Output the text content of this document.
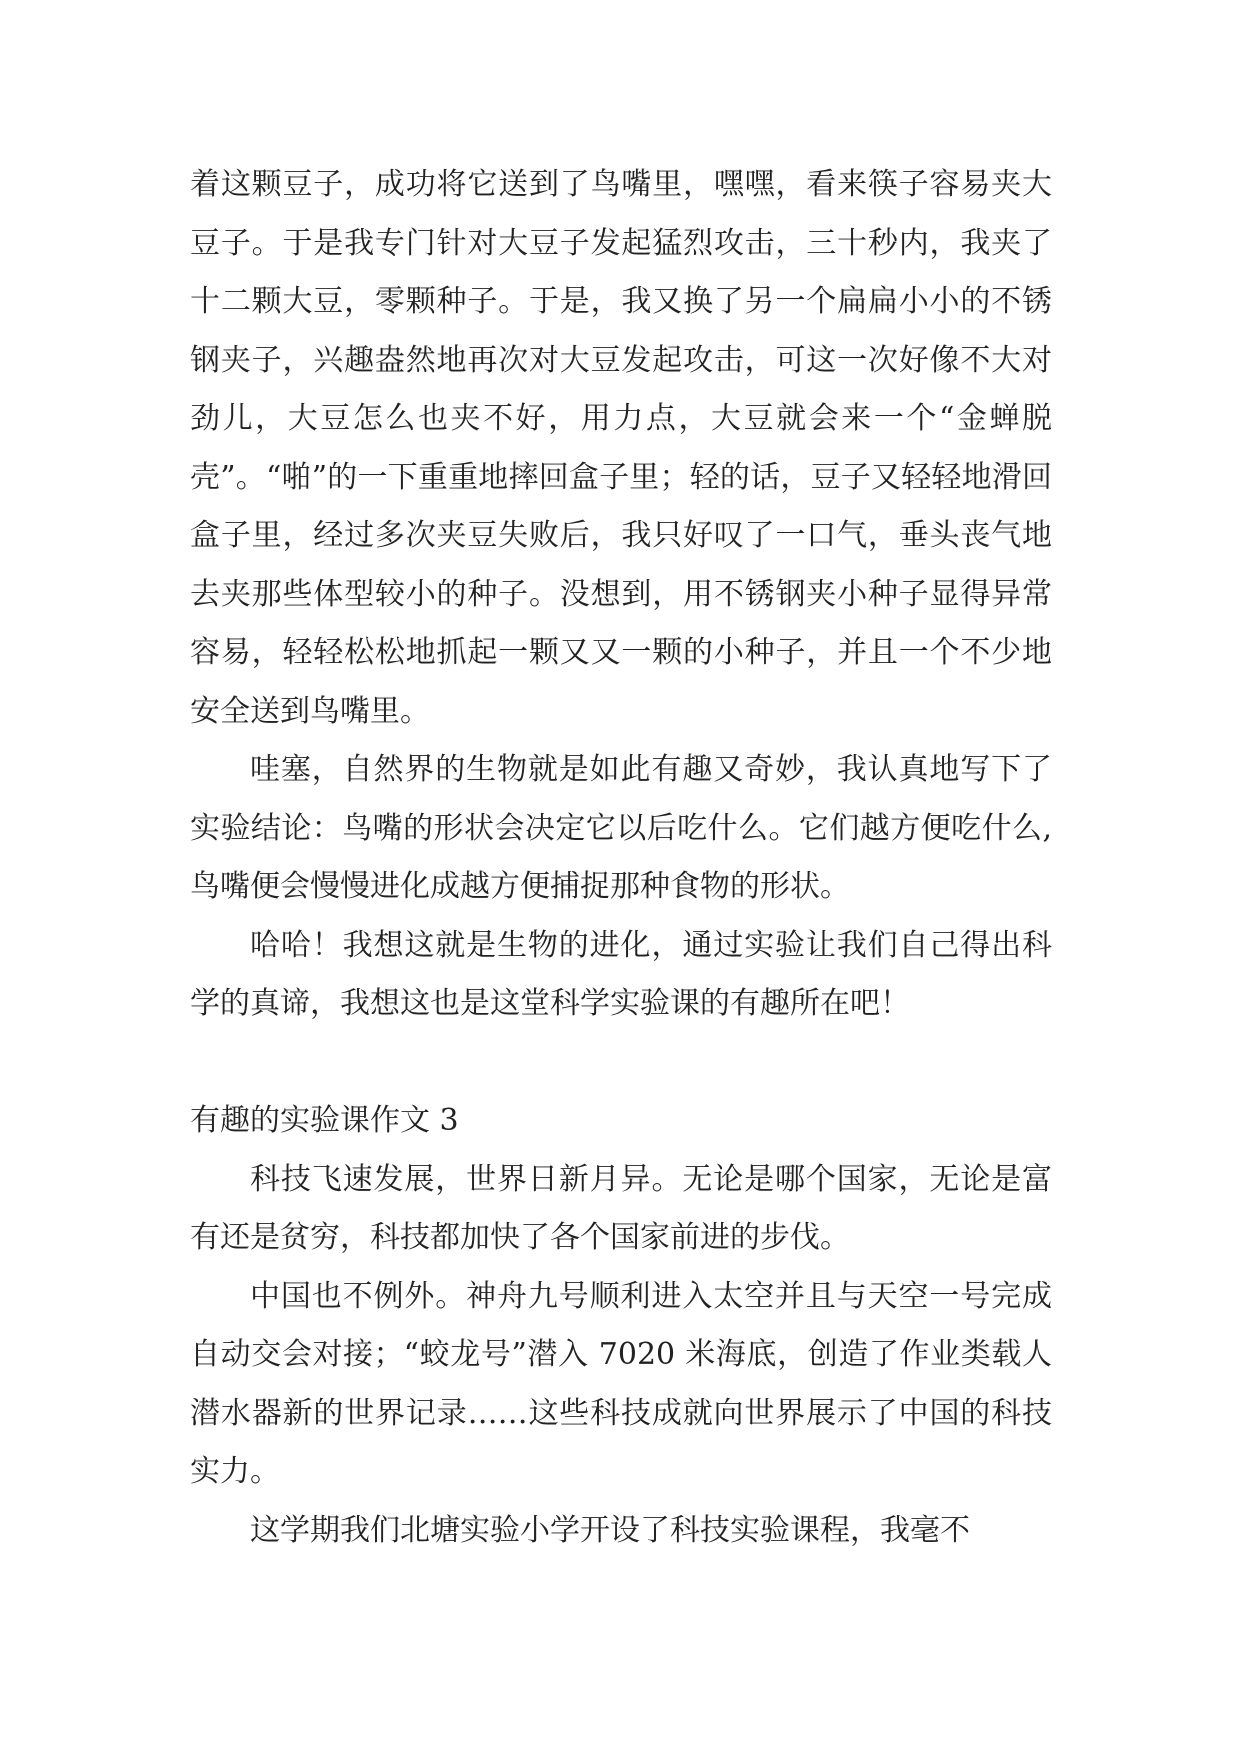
着这颗豆子，成功将它送到了鸟嘴里，嘿嘿，看来筷子容易夹大豆子。于是我专门针对大豆子发起猛烈攻击，三十秒内，我夹了十二颗大豆，零颗种子。于是，我又换了另一个扁扁小小的不锈钢夹子，兴趣盎然地再次对大豆发起攻击，可这一次好像不大对劲儿，大豆怎么也夹不好，用力点，大豆就会来一个“金蝉脱壳”。“啪”的一下重重地摔回盒子里；轻的话，豆子又轻轻地滑回盒子里，经过多次夹豆失败后，我只好叹了一口气，垂头丧气地去夹那些体型较小的种子。没想到，用不锈钢夹小种子显得异常容易，轻轻松松地抓起一颗又又一颗的小种子，并且一个不少地安全送到鸟嘴里。

哇塞，自然界的生物就是如此有趣又奇妙，我认真地写下了实验结论：鸟嘴的形状会决定它以后吃什么。它们越方便吃什么,鸟嘴便会慢慢进化成越方便捕捉那种食物的形状。

哈哈！我想这就是生物的进化，通过实验让我们自己得出科学的真谛，我想这也是这堂科学实验课的有趣所在吧！

有趣的实验课作文 3

科技飞速发展，世界日新月异。无论是哪个国家，无论是富有还是贫穷，科技都加快了各个国家前进的步伐。

中国也不例外。神舟九号顺利进入太空并且与天空一号完成自动交会对接；“蛟龙号”潜入 7020 米海底，创造了作业类载人潜水器新的世界记录……这些科技成就向世界展示了中国的科技实力。

这学期我们北塘实验小学开设了科技实验课程，我毫不
